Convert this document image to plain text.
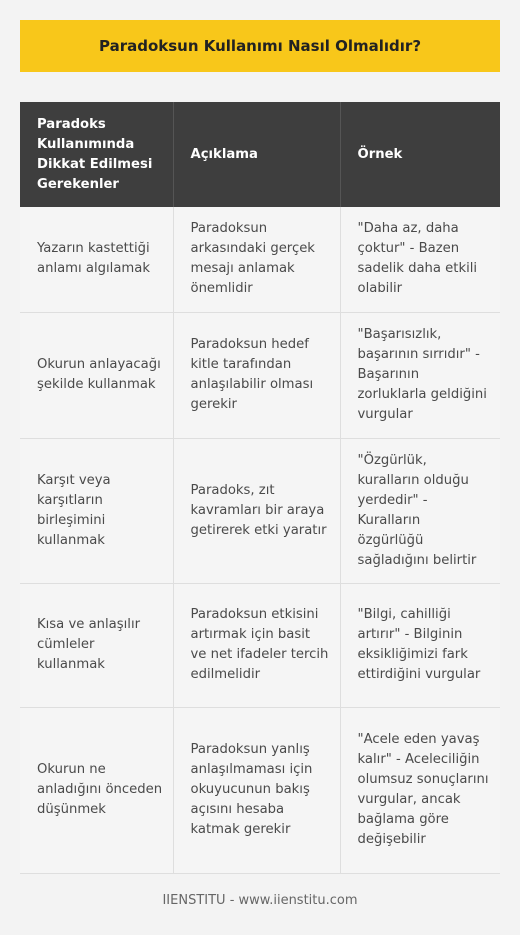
Paradoksun Kullanımı Nasıl Olmalıdır?
Paradoks Kullanımında Dikkat Edilmesi Gerekenler	Açıklama	Örnek
Yazarın kastettiği anlamı algılamak	Paradoksun arkasındaki gerçek mesajı anlamak önemlidir	"Daha az, daha çoktur" - Bazen sadelik daha etkili olabilir
Okurun anlayacağı şekilde kullanmak	Paradoksun hedef kitle tarafından anlaşılabilir olması gerekir	"Başarısızlık, başarının sırrıdır" - Başarının zorluklarla geldiğini vurgular
Karşıt veya karşıtların birleşimini kullanmak	Paradoks, zıt kavramları bir araya getirerek etki yaratır	"Özgürlük, kuralların olduğu yerdedir" - Kuralların özgürlüğü sağladığını belirtir
Kısa ve anlaşılır cümleler kullanmak	Paradoksun etkisini artırmak için basit ve net ifadeler tercih edilmelidir	"Bilgi, cahilliği artırır" - Bilginin eksikliğimizi fark ettirdiğini vurgular
Okurun ne anladığını önceden düşünmek	Paradoksun yanlış anlaşılmaması için okuyucunun bakış açısını hesaba katmak gerekir	"Acele eden yavaş kalır" - Aceleciliğin olumsuz sonuçlarını vurgular, ancak bağlama göre değişebilir
IIENSTITU - www.iienstitu.com
